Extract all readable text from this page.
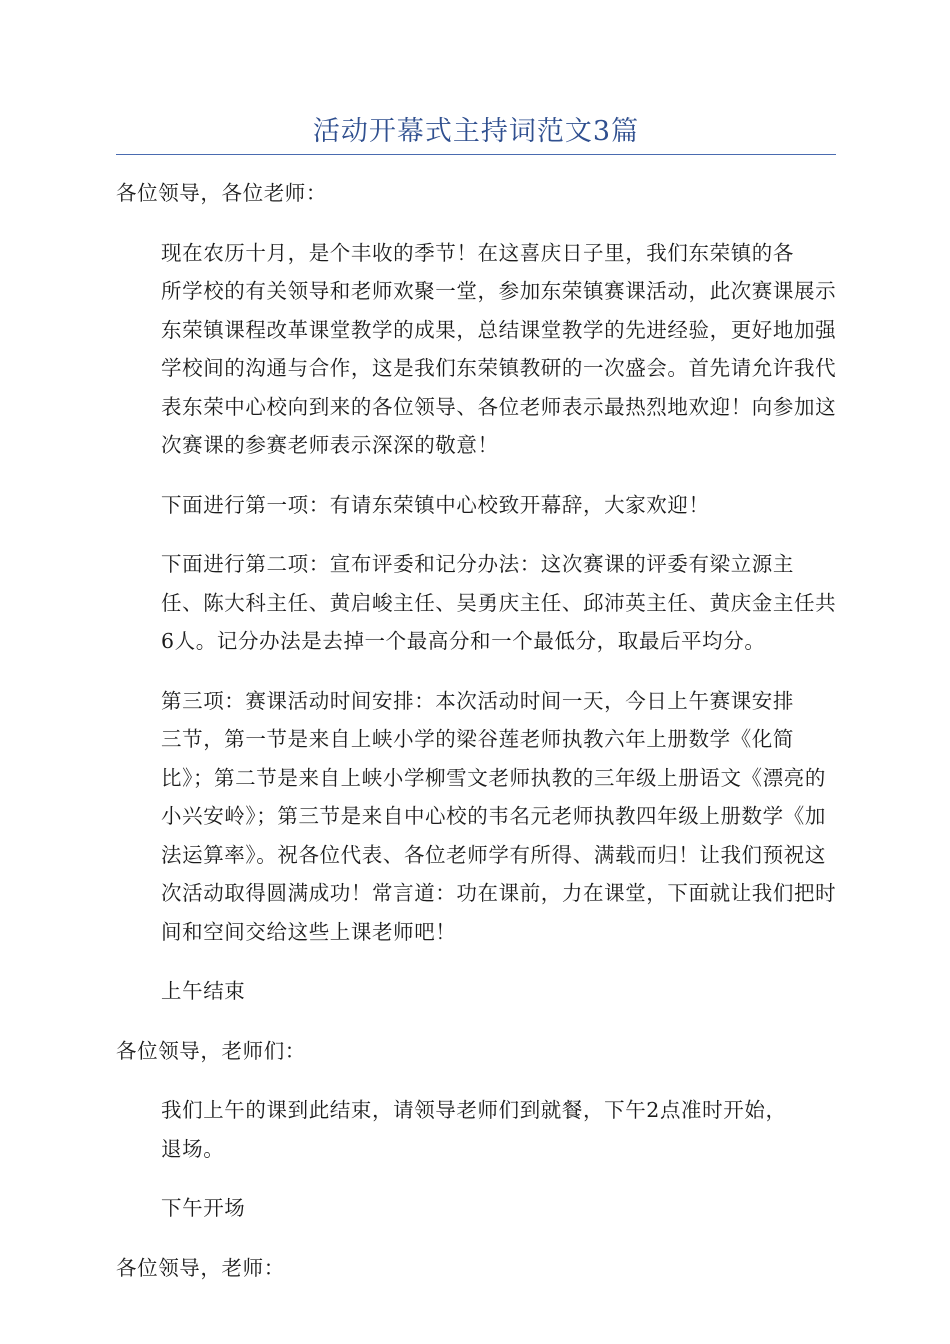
活动开幕式主持词范文3篇

各位领导，各位老师：

现在农历十月，是个丰收的季节！在这喜庆日子里，我们东荣镇的各
所学校的有关领导和老师欢聚一堂，参加东荣镇赛课活动，此次赛课展示
东荣镇课程改革课堂教学的成果，总结课堂教学的先进经验，更好地加强
学校间的沟通与合作，这是我们东荣镇教研的一次盛会。首先请允许我代
表东荣中心校向到来的各位领导、各位老师表示最热烈地欢迎！向参加这
次赛课的参赛老师表示深深的敬意！

下面进行第一项：有请东荣镇中心校致开幕辞，大家欢迎！

下面进行第二项：宣布评委和记分办法：这次赛课的评委有梁立源主
任、陈大科主任、黄启峻主任、吴勇庆主任、邱沛英主任、黄庆金主任共
6人。记分办法是去掉一个最高分和一个最低分，取最后平均分。

第三项：赛课活动时间安排：本次活动时间一天，今日上午赛课安排
三节，第一节是来自上峡小学的梁谷莲老师执教六年上册数学《化简
比》；第二节是来自上峡小学柳雪文老师执教的三年级上册语文《漂亮的
小兴安岭》；第三节是来自中心校的韦名元老师执教四年级上册数学《加
法运算率》。祝各位代表、各位老师学有所得、满载而归！让我们预祝这
次活动取得圆满成功！常言道：功在课前，力在课堂，下面就让我们把时
间和空间交给这些上课老师吧！

上午结束

各位领导，老师们：

我们上午的课到此结束，请领导老师们到就餐，下午2点准时开始，
退场。

下午开场

各位领导，老师：
